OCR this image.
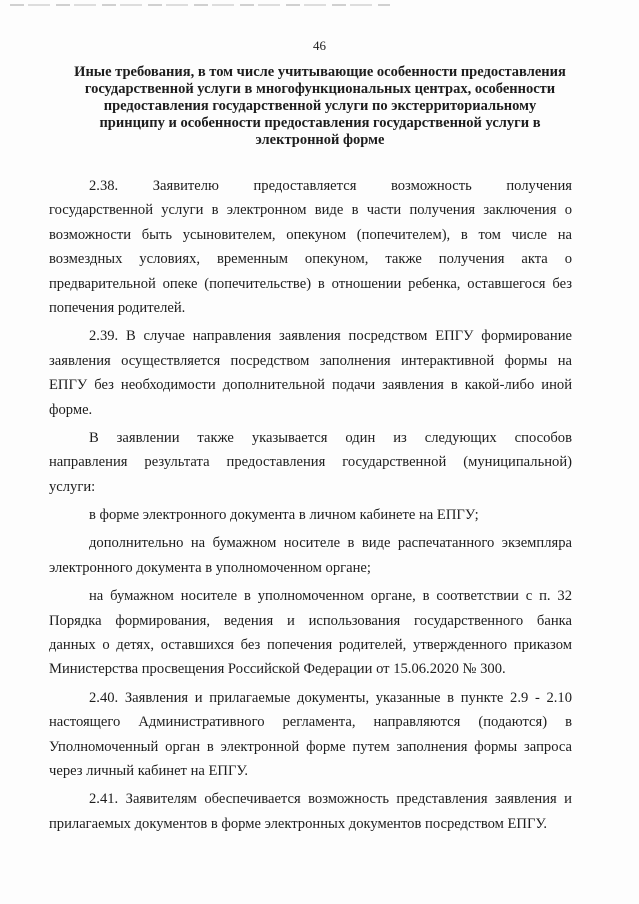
46
Иные требования, в том числе учитывающие особенности предоставления
государственной услуги в многофункциональных центрах, особенности
предоставления государственной услуги по экстерриториальному
принципу и особенности предоставления государственной услуги в
электронной форме
2.38. Заявителю предоставляется возможность получения
государственной услуги в электронном виде в части получения заключения о
возможности быть усыновителем, опекуном (попечителем), в том числе на
возмездных условиях, временным опекуном, также получения акта о
предварительной опеке (попечительстве) в отношении ребенка, оставшегося без
попечения родителей.
2.39. В случае направления заявления посредством ЕПГУ формирование
заявления осуществляется посредством заполнения интерактивной формы на
ЕПГУ без необходимости дополнительной подачи заявления в какой-либо иной
форме.
В заявлении также указывается один из следующих способов
направления результата предоставления государственной (муниципальной)
услуги:
в форме электронного документа в личном кабинете на ЕПГУ;
дополнительно на бумажном носителе в виде распечатанного экземпляра
электронного документа в уполномоченном органе;
на бумажном носителе в уполномоченном органе, в соответствии с п. 32
Порядка формирования, ведения и использования государственного банка
данных о детях, оставшихся без попечения родителей, утвержденного приказом
Министерства просвещения Российской Федерации от 15.06.2020 № 300.
2.40. Заявления и прилагаемые документы, указанные в пункте 2.9 - 2.10
настоящего Административного регламента, направляются (подаются) в
Уполномоченный орган в электронной форме путем заполнения формы запроса
через личный кабинет на ЕПГУ.
2.41. Заявителям обеспечивается возможность представления заявления и
прилагаемых документов в форме электронных документов посредством ЕПГУ.
